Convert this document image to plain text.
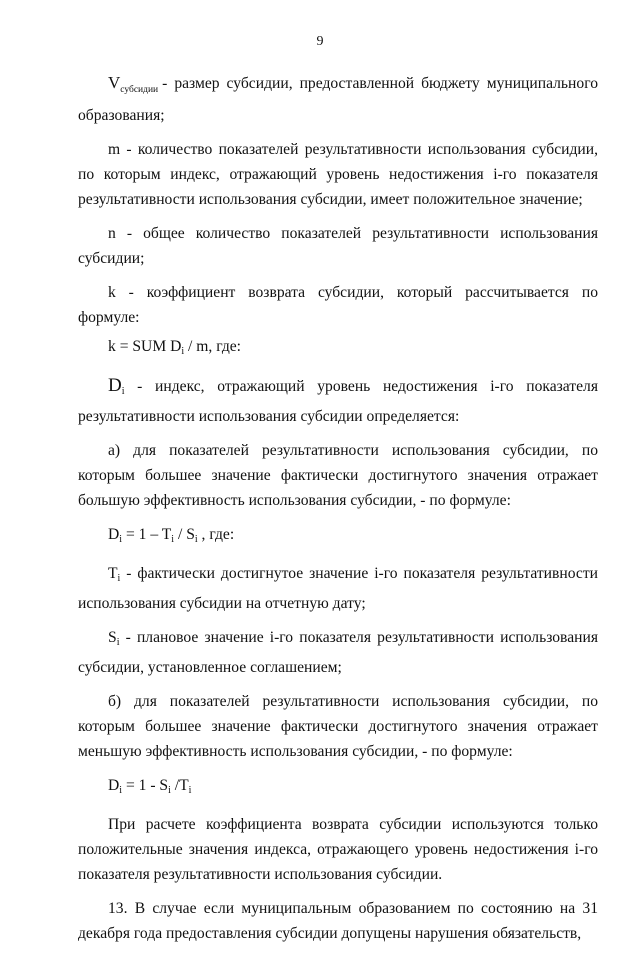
9

$V_{субсидии}$ - размер субсидии, предоставленной бюджету муниципального образования;

m - количество показателей результативности использования субсидии, по которым индекс, отражающий уровень недостижения i-го показателя результативности использования субсидии, имеет положительное значение;

n - общее количество показателей результативности использования субсидии;

k - коэффициент возврата субсидии, который рассчитывается по формуле:

k = SUM $D_i$ / m, где:

$D_i$ - индекс, отражающий уровень недостижения i-го показателя результативности использования субсидии определяется:

а) для показателей результативности использования субсидии, по которым большее значение фактически достигнутого значения отражает большую эффективность использования субсидии, - по формуле:

$D_i = 1 - T_i / S_i$ , где:

$T_i$ - фактически достигнутое значение i-го показателя результативности использования субсидии на отчетную дату;

$S_i$ - плановое значение i-го показателя результативности использования субсидии, установленное соглашением;

б) для показателей результативности использования субсидии, по которым большее значение фактически достигнутого значения отражает меньшую эффективность использования субсидии, - по формуле:

$D_i = 1 - S_i$ $/T_i$

При расчете коэффициента возврата субсидии используются только положительные значения индекса, отражающего уровень недостижения i-го показателя результативности использования субсидии.

13. В случае если муниципальным образованием по состоянию на 31 декабря года предоставления субсидии допущены нарушения обязательств,
